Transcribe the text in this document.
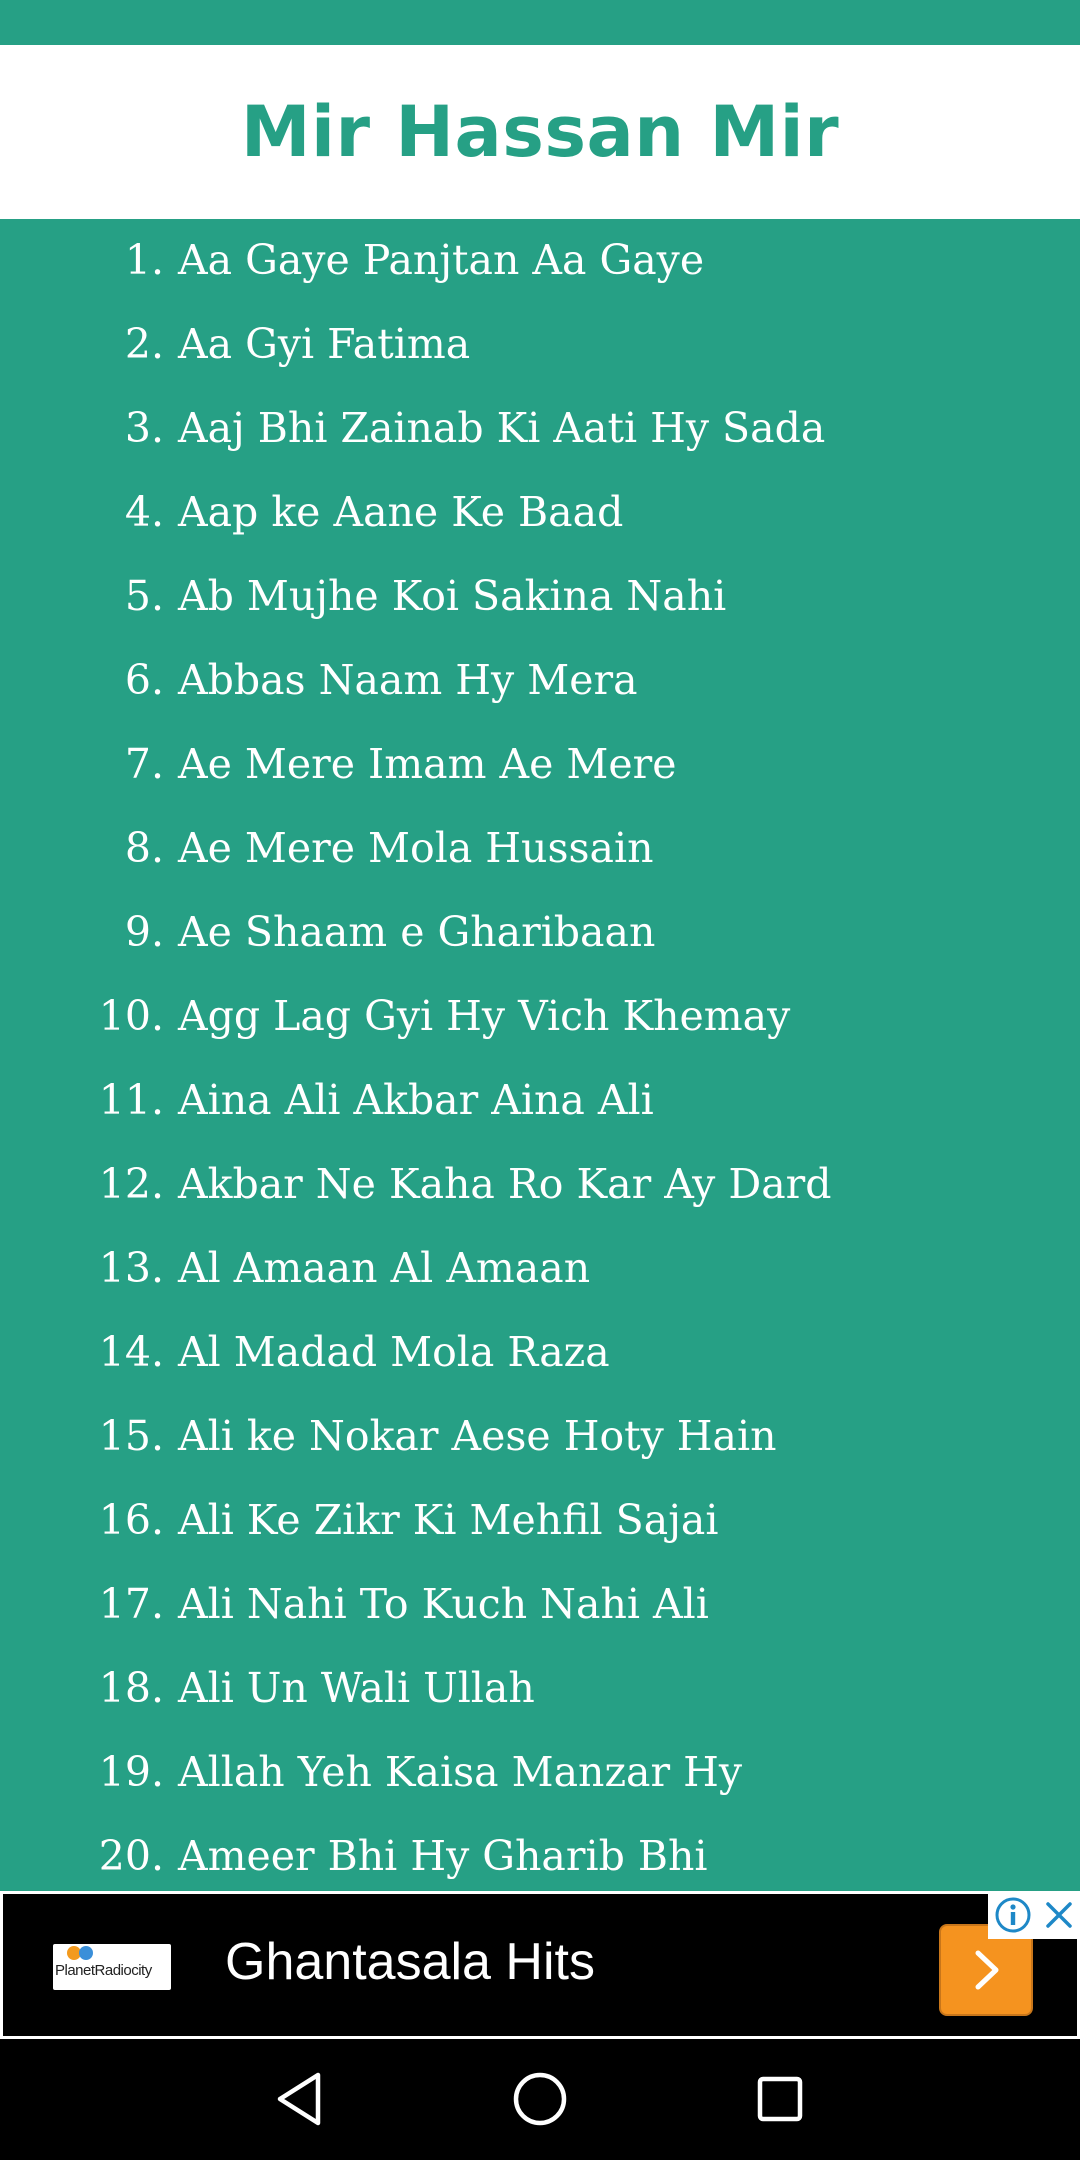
Mir Hassan Mir
1. Aa Gaye Panjtan Aa Gaye
2. Aa Gyi Fatima
3. Aaj Bhi Zainab Ki Aati Hy Sada
4. Aap ke Aane Ke Baad
5. Ab Mujhe Koi Sakina Nahi
6. Abbas Naam Hy Mera
7. Ae Mere Imam Ae Mere
8. Ae Mere Mola Hussain
9. Ae Shaam e Gharibaan
10. Agg Lag Gyi Hy Vich Khemay
11. Aina Ali Akbar Aina Ali
12. Akbar Ne Kaha Ro Kar Ay Dard
13. Al Amaan Al Amaan
14. Al Madad Mola Raza
15. Ali ke Nokar Aese Hoty Hain
16. Ali Ke Zikr Ki Mehfil Sajai
17. Ali Nahi To Kuch Nahi Ali
18. Ali Un Wali Ullah
19. Allah Yeh Kaisa Manzar Hy
20. Ameer Bhi Hy Gharib Bhi
PlanetRadiocity Ghantasala Hits
